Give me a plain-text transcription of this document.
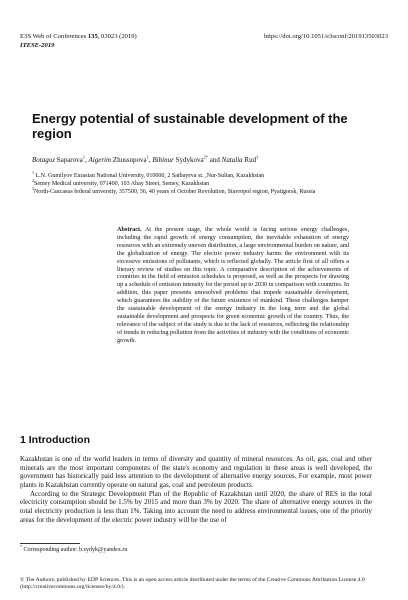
E3S Web of Conferences 135, 03023 (2019)
ITESE-2019
https://doi.org/10.1051/e3sconf/201913503023
Energy potential of sustainable development of the region
Botagoz Saparova$^1$, Aigerim Zhussupova$^1$, Bibinur Sydykova$^{2*}$ and Natalia Rud$^3$
$^1$ L.N. Gumilyov Eurasian National University, 010000, 2 Satbayeva st. ,Nur-Sultan, Kazakhstan
$^2$Semey Medical university, 071400, 103 Abay Street, Semey, Kazakhstan
$^3$North-Caucasus federal university, 357500, 56, 40 years of October Revolution, Stavropol region, Pyatigorsk, Russia
Abstract. At the present stage, the whole world is facing serious energy challenges, including the rapid growth of energy consumption, the inevitable exhaustion of energy resources with an extremely uneven distribution, a large environmental burden on nature, and the globalization of energy. The electric power industry harms the environment with its excessive emissions of pollutants, which is reflected globally. The article first of all offers a literary review of studies on this topic. A comparative description of the achievements of countries in the field of emission schedules is proposed, as well as the prospects for drawing up a schedule of emission intensity for the period up to 2030 in comparison with countries. In addition, this paper presents unresolved problems that impede sustainable development, which guarantees the stability of the future existence of mankind. These challenges hamper the sustainable development of the energy industry in the long term and the global sustainable development and prospects for green economic growth of the country. Thus, the relevance of the subject of the study is due to the lack of resources, reflecting the relationship of trends in reducing pollution from the activities of industry with the conditions of economic growth.
1 Introduction

Kazakhstan is one of the world leaders in terms of diversity and quantity of mineral resources. As oil, gas, coal and other minerals are the most important components of the state's economy and regulation in these areas is well developed, the government has historically paid less attention to the development of alternative energy sources. For example, most power plants in Kazakhstan currently operate on natural gas, coal and petroleum products.

According to the Strategic Development Plan of the Republic of Kazakhstan until 2020, the share of RES in the total electricity consumption should be 1.5% by 2015 and more than 3% by 2020. The share of alternative energy sources in the total electricity production is less than 1%. Taking into account the need to address environmental issues, one of the priority areas for the development of the electric power industry will be the use of

* Corresponding author: b.sydyk@yandex.ru
© The Authors, published by EDP Sciences. This is an open access article distributed under the terms of the Creative Commons Attribution License 4.0 (http://creativecommons.org/licenses/by/4.0/).
